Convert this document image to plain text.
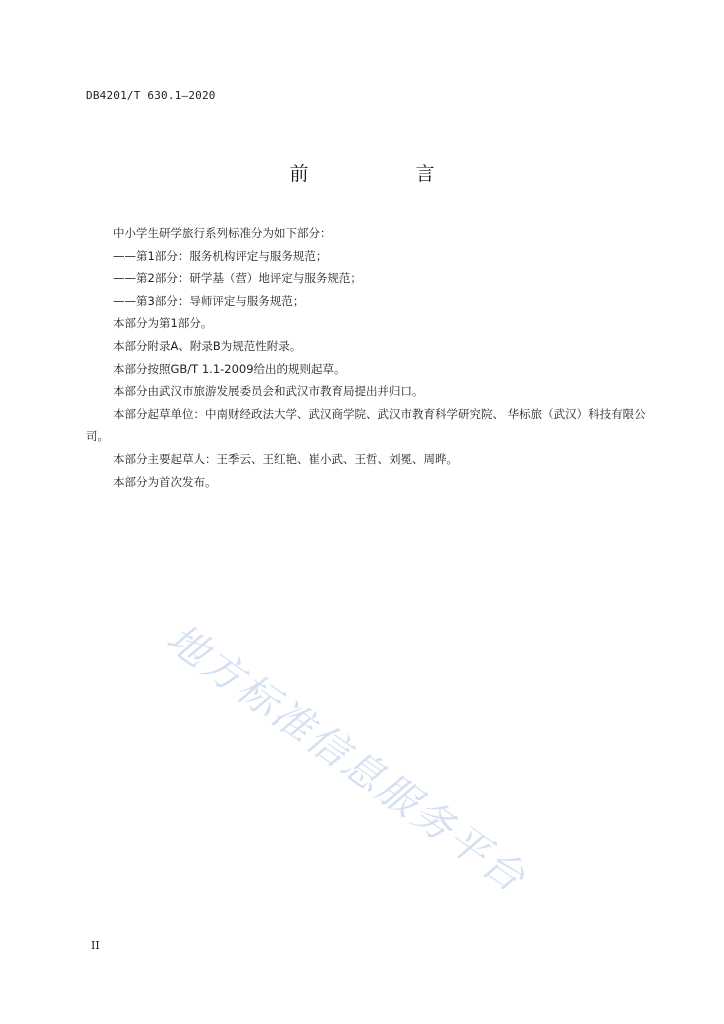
DB4201/T 630.1—2020
前　言

中小学生研学旅行系列标准分为如下部分：

——第1部分：服务机构评定与服务规范；

——第2部分：研学基（营）地评定与服务规范；

——第3部分：导师评定与服务规范；

本部分为第1部分。

本部分附录A、附录B为规范性附录。

本部分按照GB/T 1.1-2009给出的规则起草。

本部分由武汉市旅游发展委员会和武汉市教育局提出并归口。

本部分起草单位：中南财经政法大学、武汉商学院、武汉市教育科学研究院、 华标旅（武汉）科技有限公司。

本部分主要起草人：王季云、王红艳、崔小武、王哲、刘冕、周晔。

本部分为首次发布。

地方标准信息服务平台
II
